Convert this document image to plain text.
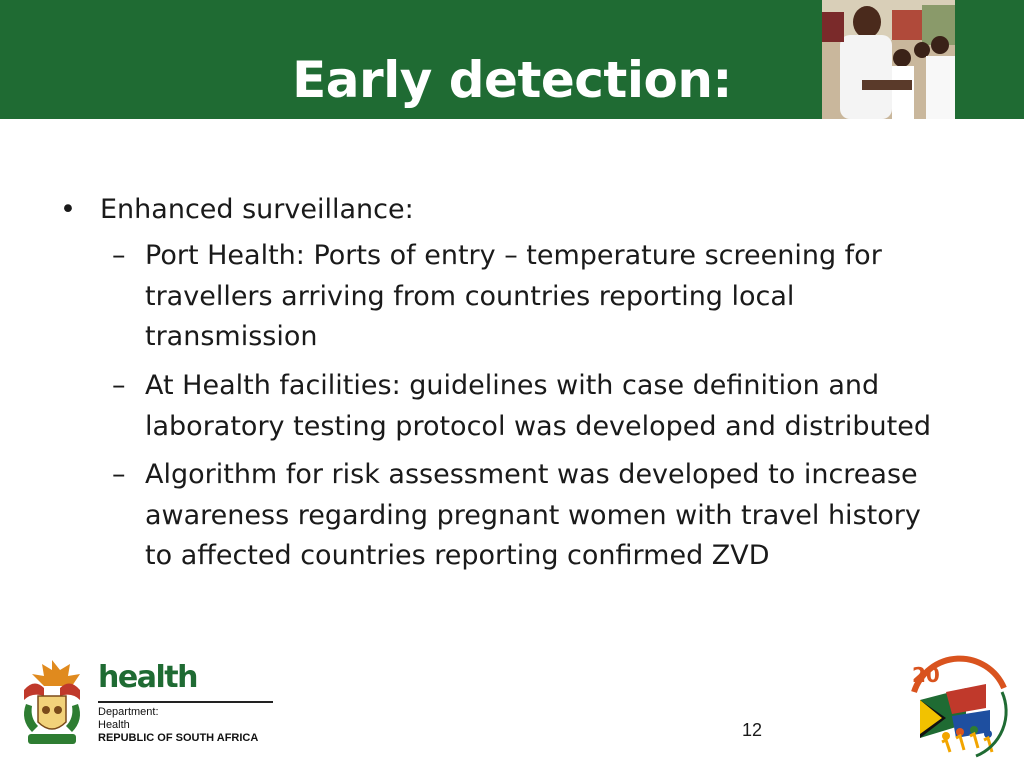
Early detection:
• Enhanced surveillance:
– Port Health: Ports of entry – temperature screening for
travellers arriving from countries reporting local
transmission
– At Health facilities: guidelines with case definition and
laboratory testing protocol was developed and distributed
– Algorithm for risk assessment was developed to increase
awareness regarding pregnant women with travel history
to affected countries reporting confirmed ZVD
12
health
Department:
Health
REPUBLIC OF SOUTH AFRICA
20
